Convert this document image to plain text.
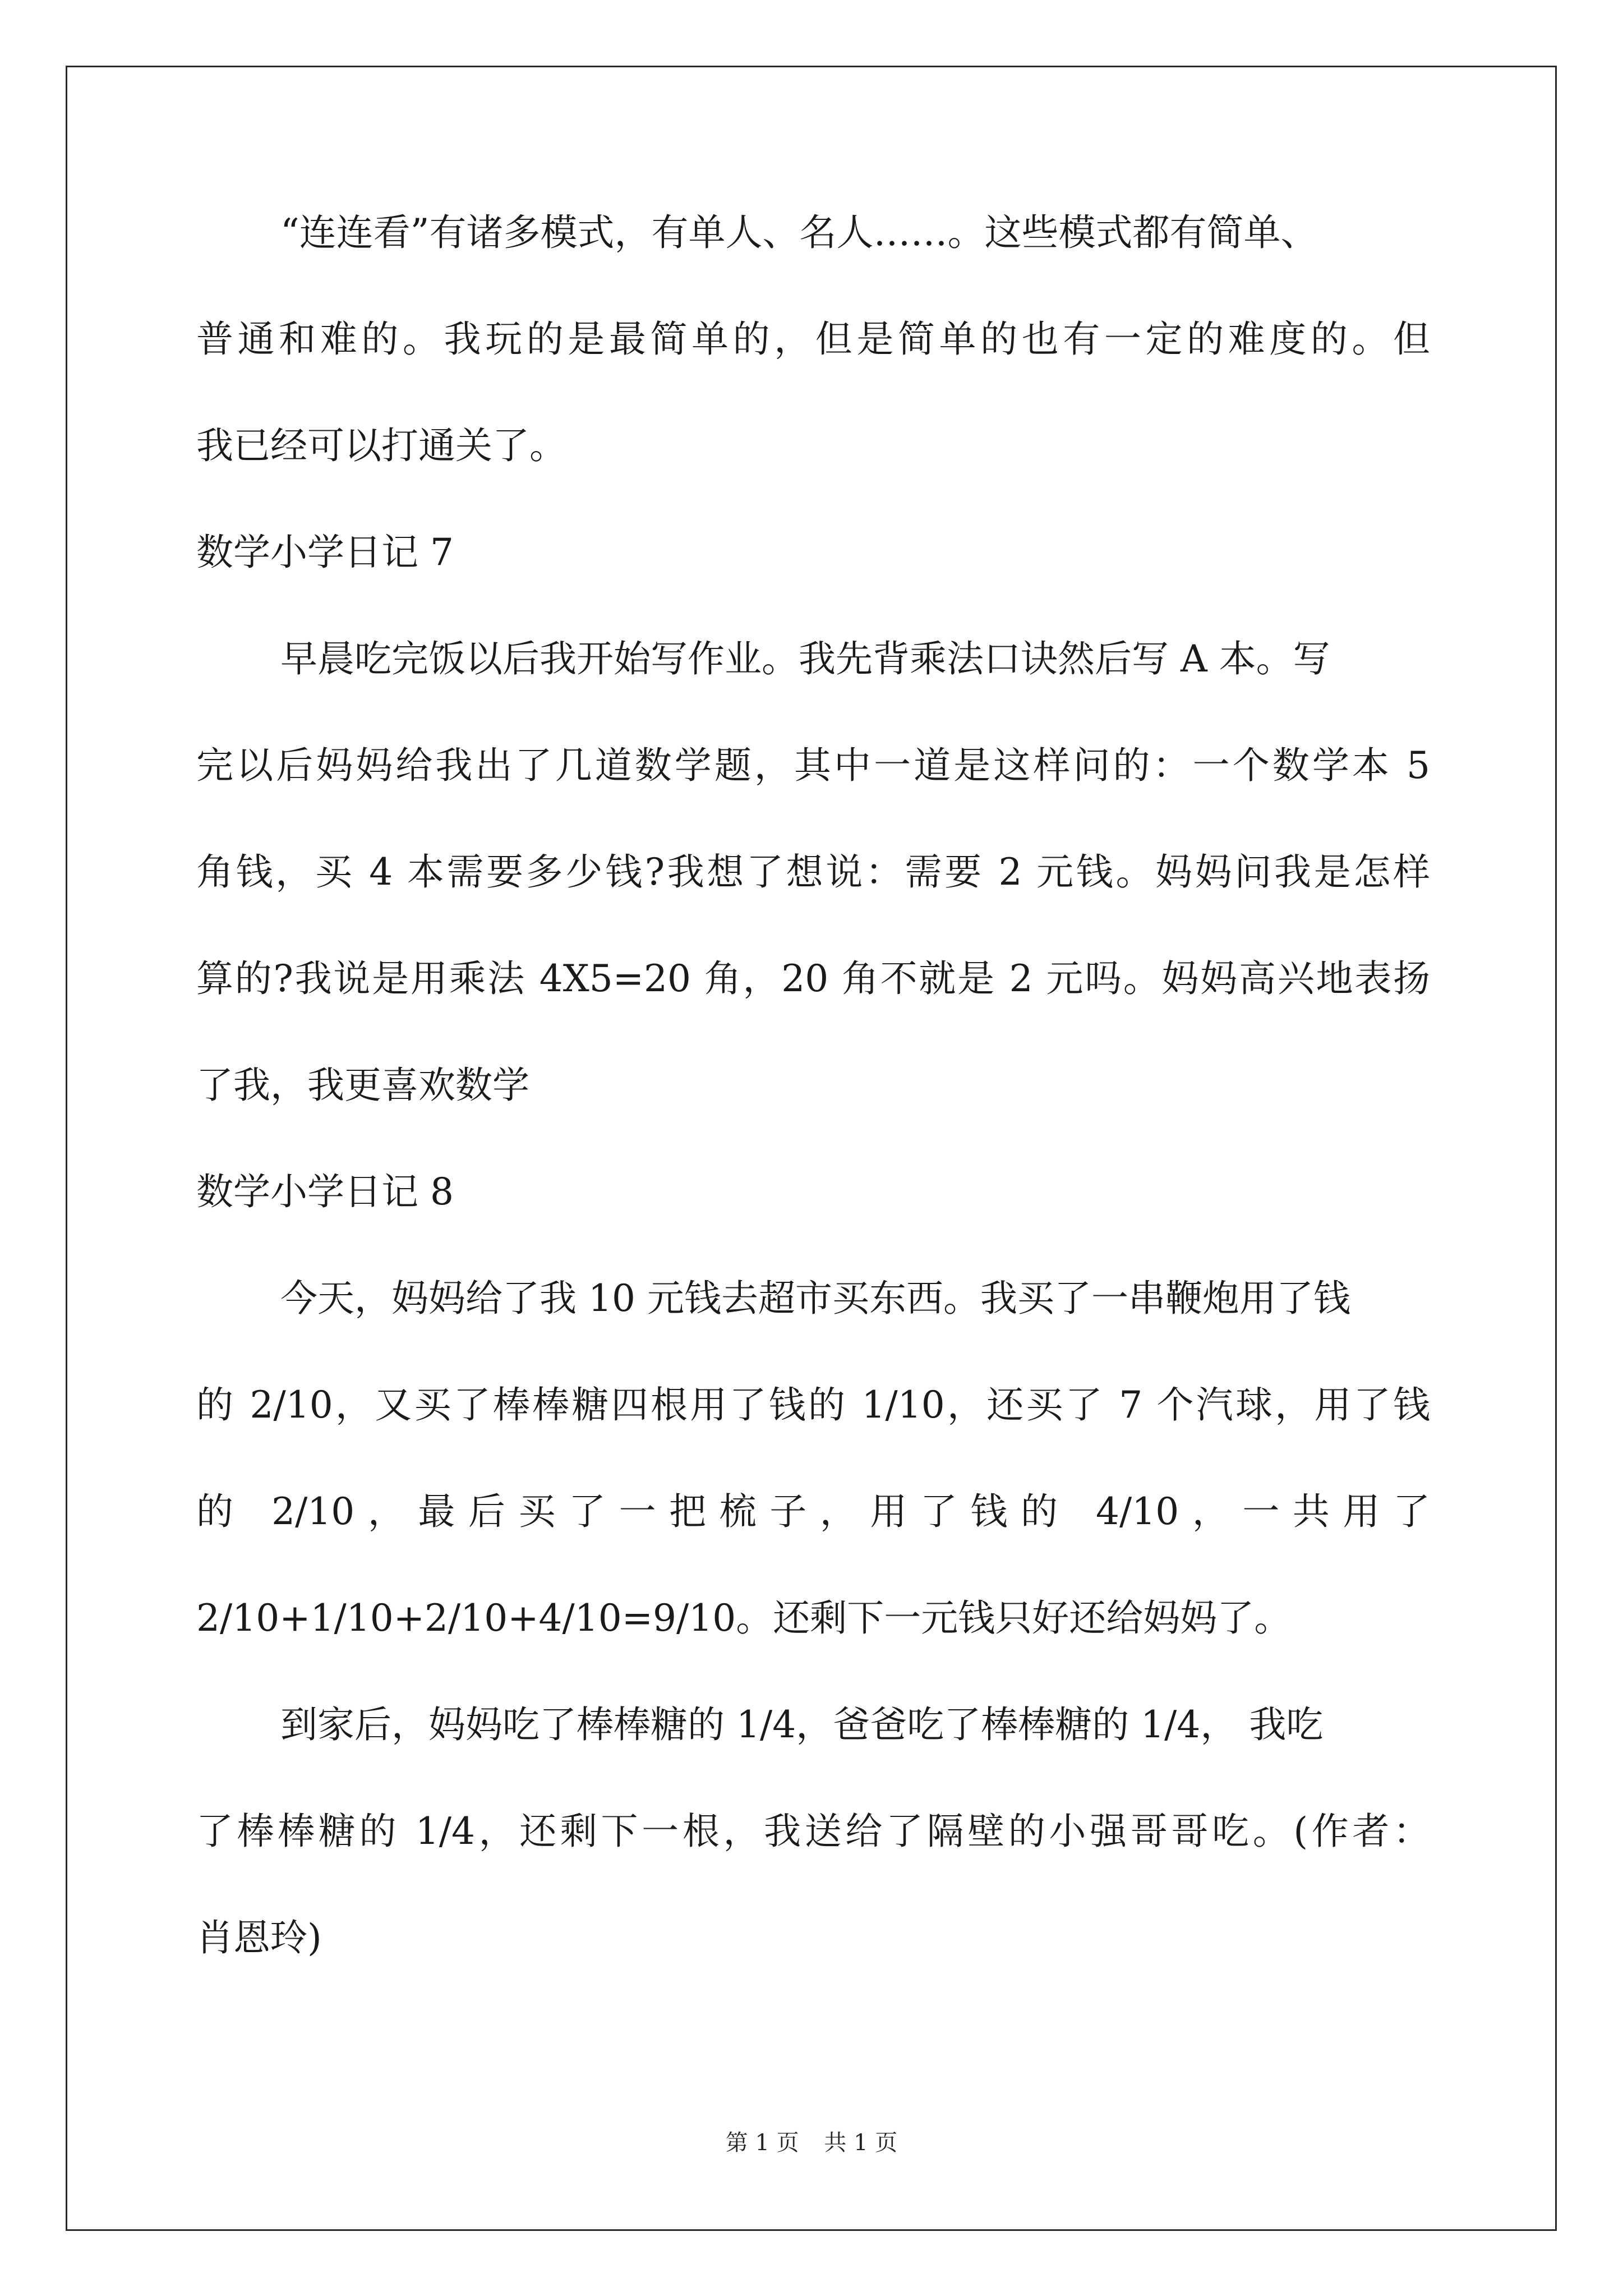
“连连看”有诸多模式，有单人、名人……。这些模式都有简单、
普通和难的。我玩的是最简单的，但是简单的也有一定的难度的。但
我已经可以打通关了。
数学小学日记 7
早晨吃完饭以后我开始写作业。我先背乘法口诀然后写 A 本。写
完以后妈妈给我出了几道数学题，其中一道是这样问的：一个数学本 5
角钱，买 4 本需要多少钱?我想了想说：需要 2 元钱。妈妈问我是怎样
算的?我说是用乘法 4X5=20 角，20 角不就是 2 元吗。妈妈高兴地表扬
了我，我更喜欢数学
数学小学日记 8
今天，妈妈给了我 10 元钱去超市买东西。我买了一串鞭炮用了钱
的 2/10，又买了棒棒糖四根用了钱的 1/10，还买了 7 个汽球，用了钱
的 2/10，最后买了一把梳子，用了钱的 4/10，一共用了
2/10+1/10+2/10+4/10=9/10。还剩下一元钱只好还给妈妈了。
到家后，妈妈吃了棒棒糖的 1/4，爸爸吃了棒棒糖的 1/4， 我吃
了棒棒糖的 1/4，还剩下一根，我送给了隔壁的小强哥哥吃。(作者：
肖恩玲)
第 1 页 共 1 页
